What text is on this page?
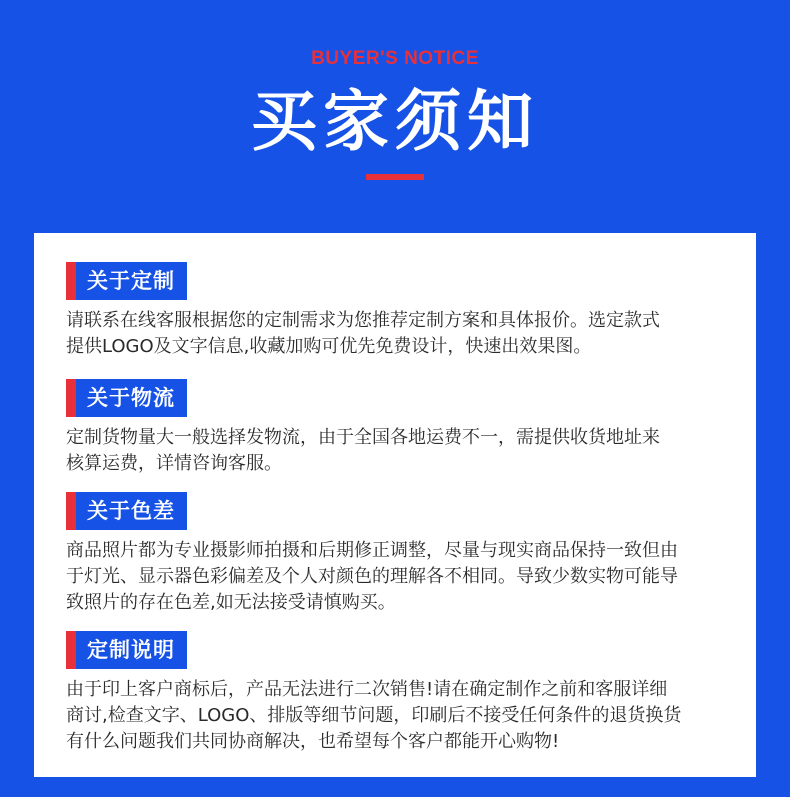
BUYER'S NOTICE
买家须知
关于定制
请联系在线客服根据您的定制需求为您推荐定制方案和具体报价。选定款式
提供LOGO及文字信息,收藏加购可优先免费设计，快速出效果图。
关于物流
定制货物量大一般选择发物流，由于全国各地运费不一，需提供收货地址来
核算运费，详情咨询客服。
关于色差
商品照片都为专业摄影师拍摄和后期修正调整，尽量与现实商品保持一致但由
于灯光、显示器色彩偏差及个人对颜色的理解各不相同。导致少数实物可能导
致照片的存在色差,如无法接受请慎购买。
定制说明
由于印上客户商标后，产品无法进行二次销售!请在确定制作之前和客服详细
商讨,检查文字、LOGO、排版等细节问题，印刷后不接受任何条件的退货换货
有什么问题我们共同协商解决，也希望每个客户都能开心购物!
